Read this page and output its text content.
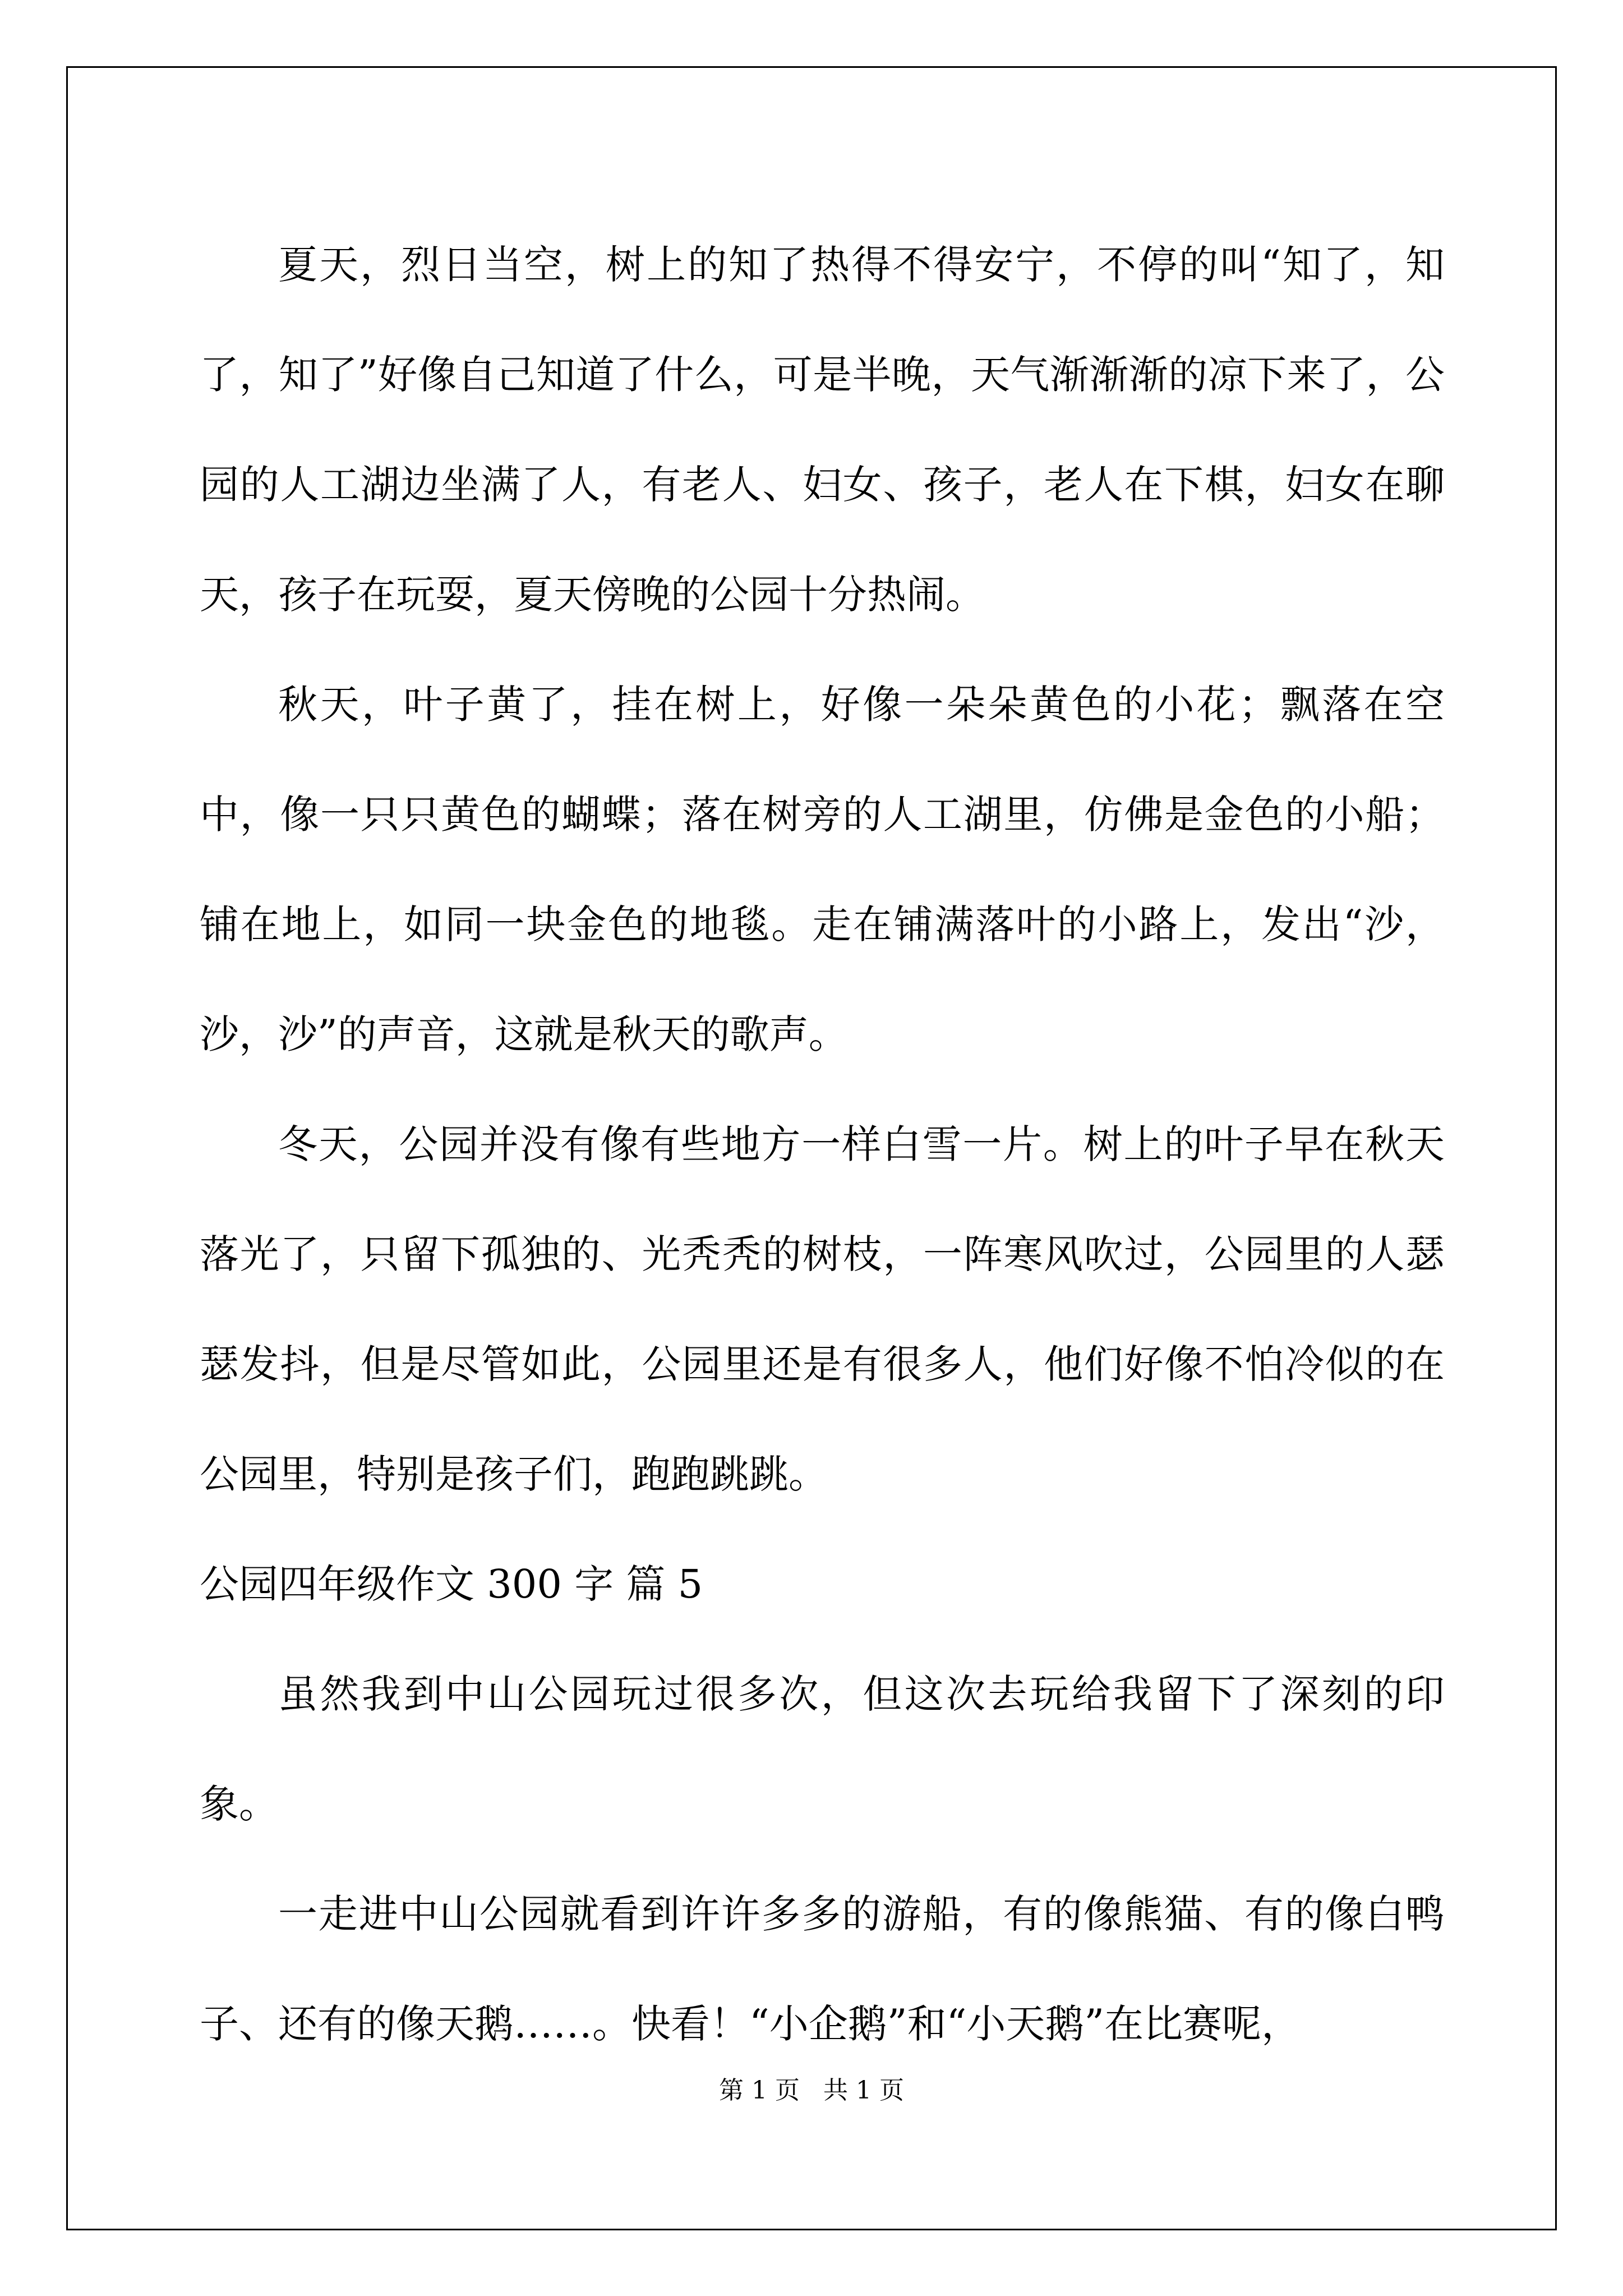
夏天，烈日当空，树上的知了热得不得安宁，不停的叫“知了，知了，知了”好像自己知道了什么，可是半晚，天气渐渐渐的凉下来了，公园的人工湖边坐满了人，有老人、妇女、孩子，老人在下棋，妇女在聊天，孩子在玩耍，夏天傍晚的公园十分热闹。

秋天，叶子黄了，挂在树上，好像一朵朵黄色的小花；飘落在空中，像一只只黄色的蝴蝶；落在树旁的人工湖里，仿佛是金色的小船；铺在地上，如同一块金色的地毯。走在铺满落叶的小路上，发出“沙，沙，沙”的声音，这就是秋天的歌声。

冬天，公园并没有像有些地方一样白雪一片。树上的叶子早在秋天落光了，只留下孤独的、光秃秃的树枝，一阵寒风吹过，公园里的人瑟瑟发抖，但是尽管如此，公园里还是有很多人，他们好像不怕冷似的在公园里，特别是孩子们，跑跑跳跳。

公园四年级作文 300 字 篇 5

虽然我到中山公园玩过很多次，但这次去玩给我留下了深刻的印象。

一走进中山公园就看到许许多多的游船，有的像熊猫、有的像白鸭子、还有的像天鹅……。快看！“小企鹅”和“小天鹅”在比赛呢，

第 1 页   共 1 页
